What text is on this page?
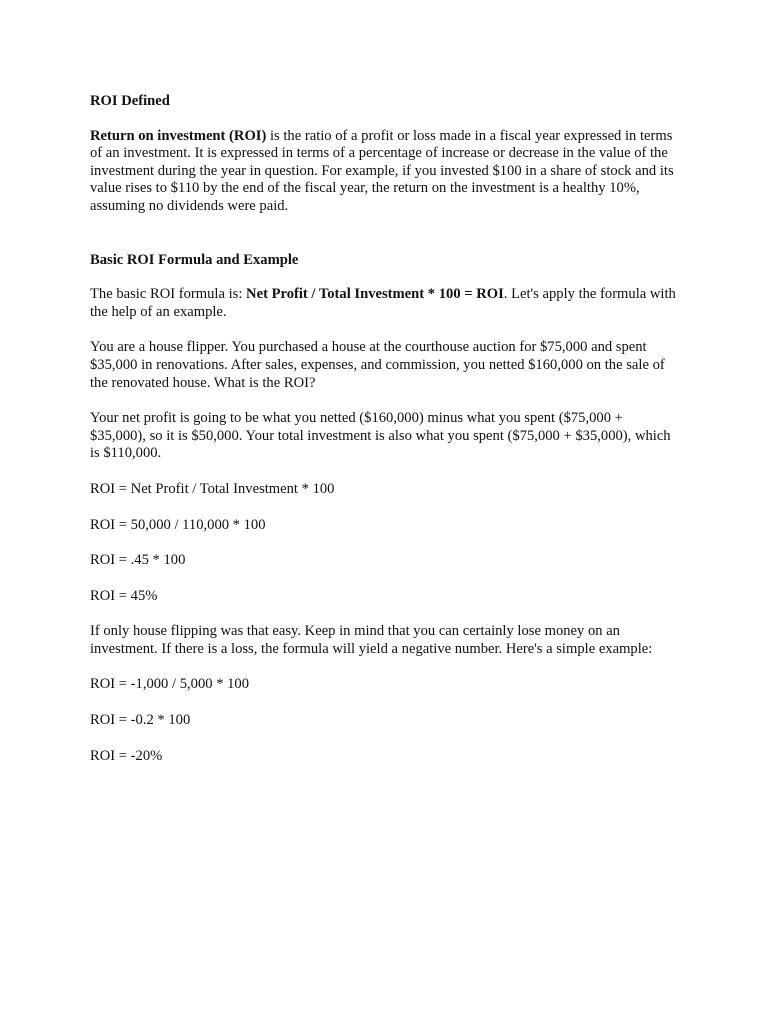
ROI Defined

Return on investment (ROI) is the ratio of a profit or loss made in a fiscal year expressed in terms of an investment. It is expressed in terms of a percentage of increase or decrease in the value of the investment during the year in question. For example, if you invested $100 in a share of stock and its value rises to $110 by the end of the fiscal year, the return on the investment is a healthy 10%, assuming no dividends were paid.

Basic ROI Formula and Example

The basic ROI formula is: Net Profit / Total Investment * 100 = ROI. Let's apply the formula with the help of an example.

You are a house flipper. You purchased a house at the courthouse auction for $75,000 and spent $35,000 in renovations. After sales, expenses, and commission, you netted $160,000 on the sale of the renovated house. What is the ROI?

Your net profit is going to be what you netted ($160,000) minus what you spent ($75,000 + $35,000), so it is $50,000. Your total investment is also what you spent ($75,000 + $35,000), which is $110,000.

ROI = Net Profit / Total Investment * 100

ROI = 50,000 / 110,000 * 100

ROI = .45 * 100

ROI = 45%

If only house flipping was that easy. Keep in mind that you can certainly lose money on an investment. If there is a loss, the formula will yield a negative number. Here's a simple example:

ROI = -1,000 / 5,000 * 100

ROI = -0.2 * 100

ROI = -20%
